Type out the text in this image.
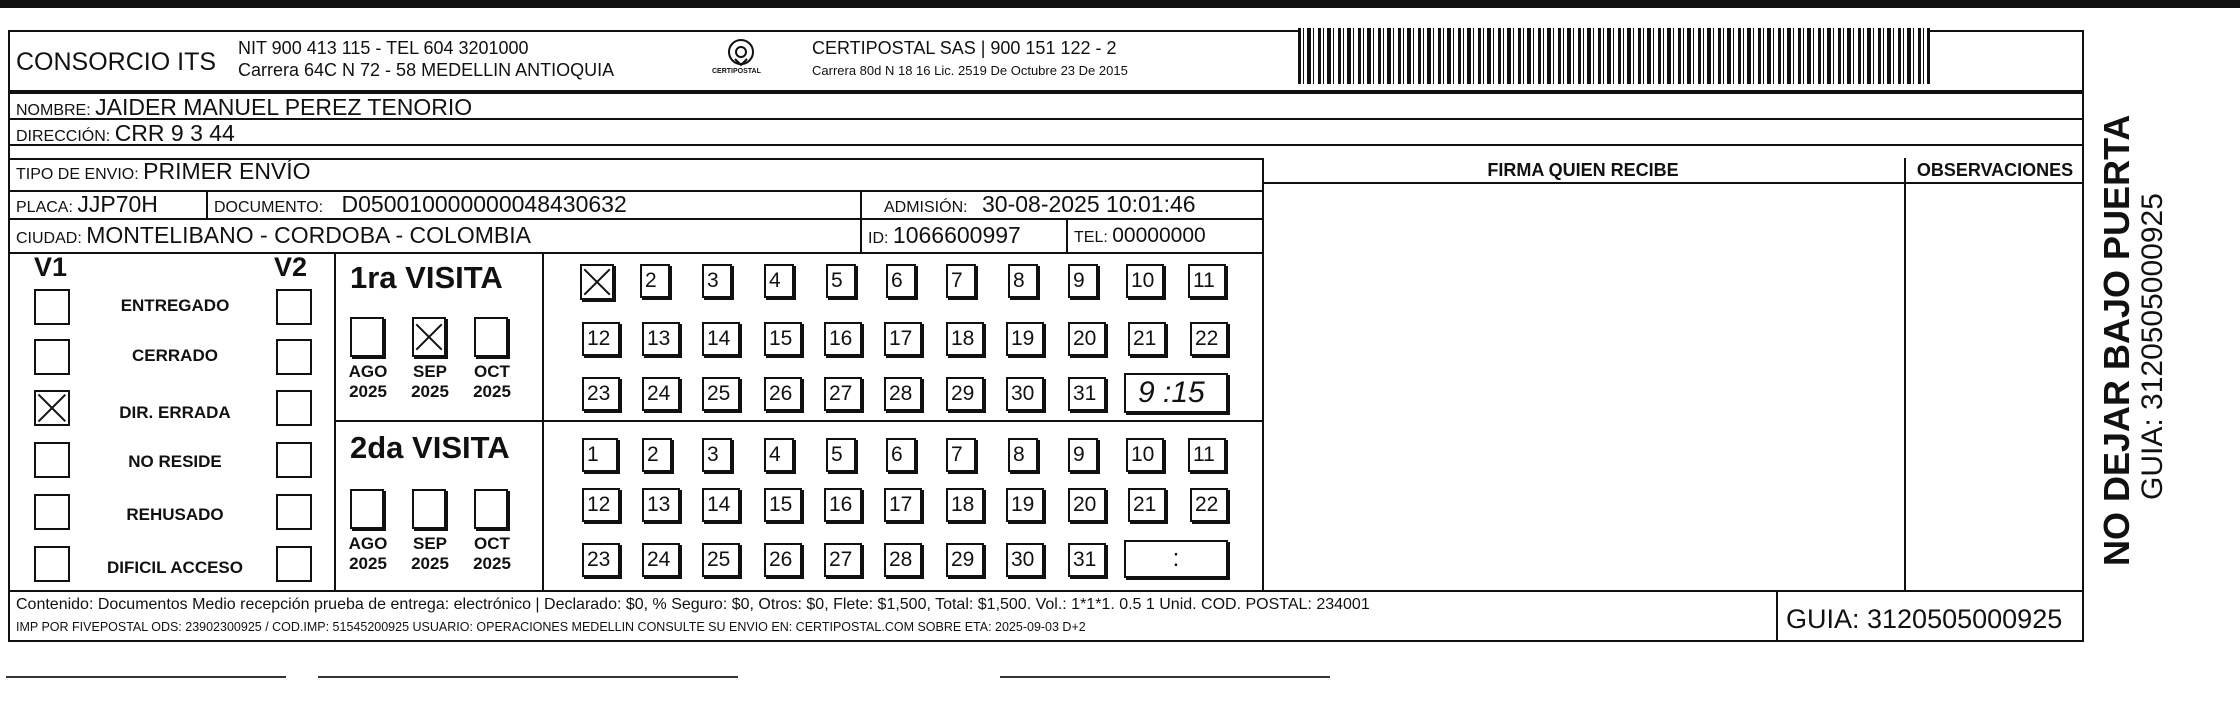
CONSORCIO ITS NIT 900 413 115 - TEL 604 3201000
Carrera 64C N 72 - 58 MEDELLIN ANTIOQUIA	CERTIPOSTAL
CERTIPOSTAL SAS | 900 151 122 - 2
Carrera 80d N 18 16 Lic. 2519 De Octubre 23 De 2015
NOMBRE: JAIDER MANUEL PEREZ TENORIO
DIRECCIÓN: CRR 9 3 44
TIPO DE ENVIO: PRIMER ENVÍO
PLACA: JJP70H	DOCUMENTO: D050010000000048430632	ADMISIÓN: 30-08-2025 10:01:46
CIUDAD: MONTELIBANO - CORDOBA - COLOMBIA	ID: 1066600997	TEL: 00000000
FIRMA QUIEN RECIBE	OBSERVACIONES
V1	V2
ENTREGADO
CERRADO
DIR. ERRADA
NO RESIDE
REHUSADO
DIFICIL ACCESO
1ra VISITA
AGO
2025
SEP
2025
OCT
2025
2	3	4	5	6	7	8	9	10	11
12	13	14	15	16	17	18	19	20	21	22
23	24	25	26	27	28	29	30	31	9 :15
2da VISITA
AGO
2025
SEP
2025
OCT
2025
1	2	3	4	5	6	7	8	9	10	11
12	13	14	15	16	17	18	19	20	21	22
23	24	25	26	27	28	29	30	31	:
Contenido: Documentos Medio recepción prueba de entrega: electrónico | Declarado: $0, % Seguro: $0, Otros: $0, Flete: $1,500, Total: $1,500. Vol.: 1*1*1. 0.5 1 Unid. COD. POSTAL: 234001
IMP POR FIVEPOSTAL ODS: 23902300925 / COD.IMP: 51545200925 USUARIO: OPERACIONES MEDELLIN CONSULTE SU ENVIO EN: CERTIPOSTAL.COM SOBRE ETA: 2025-09-03 D+2	GUIA: 3120505000925
NO DEJAR BAJO PUERTA GUIA: 3120505000925
